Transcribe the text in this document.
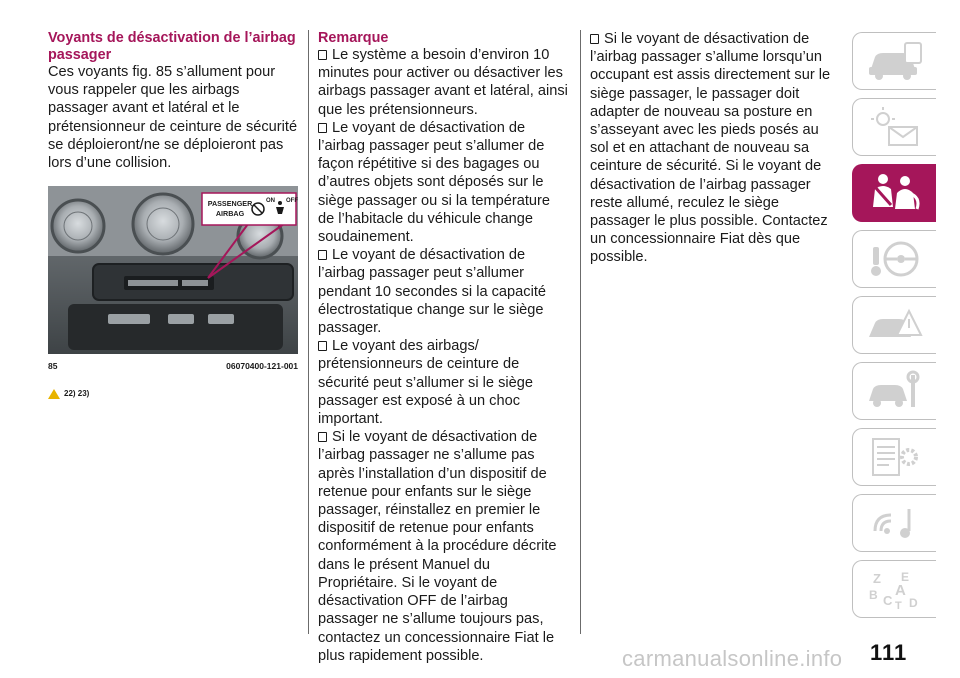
Voyants de désactivation de l’airbag passager

Ces voyants fig. 85 s’allument pour vous rappeler que les airbags passager avant et latéral et le prétensionneur de ceinture de sécurité se déploieront/ne se déploieront pas lors d’une collision.

PASSENGER
AIRBAG
ON OFF
85	06070400-121-001
22) 23)

Remarque

Le système a besoin d’environ 10 minutes pour activer ou désactiver les airbags passager avant et latéral, ainsi que les prétensionneurs.

Le voyant de désactivation de l’airbag passager peut s’allumer de façon répétitive si des bagages ou d’autres objets sont déposés sur le siège passager ou si la température de l’habitacle du véhicule change soudainement.

Le voyant de désactivation de l’airbag passager peut s’allumer pendant 10 secondes si la capacité électrostatique change sur le siège passager.

Le voyant des airbags/ prétensionneurs de ceinture de sécurité peut s’allumer si le siège passager est exposé à un choc important.

Si le voyant de désactivation de l’airbag passager ne s’allume pas après l’installation d’un dispositif de retenue pour enfants sur le siège passager, réinstallez en premier le dispositif de retenue pour enfants conformément à la procédure décrite dans le présent Manuel du Propriétaire. Si le voyant de désactivation OFF de l’airbag passager ne s’allume toujours pas, contactez un concessionnaire Fiat le plus rapidement possible.

Si le voyant de désactivation de l’airbag passager s’allume lorsqu’un occupant est assis directement sur le siège passager, le passager doit adapter de nouveau sa posture en s’asseyant avec les pieds posés au sol et en attachant de nouveau sa ceinture de sécurité. Si le voyant de désactivation de l’airbag passager reste allumé, reculez le siège passager le plus possible. Contactez un concessionnaire Fiat dès que possible.

Z E
A
B C D
T
carmanualsonline.info 111
